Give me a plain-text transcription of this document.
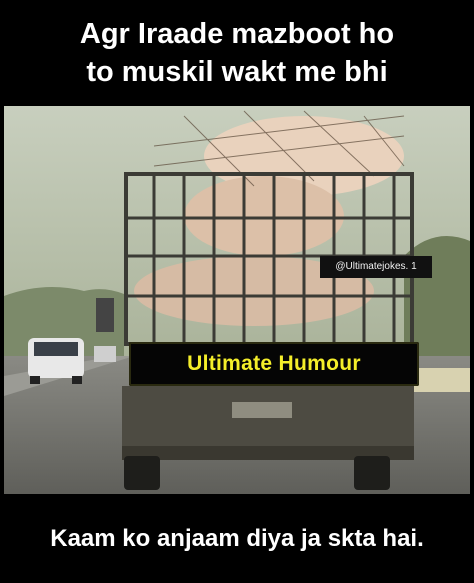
Agr Iraade mazboot ho
to muskil wakt me bhi
@Ultimatejokes. 1
Ultimate Humour
Kaam ko anjaam diya ja skta hai.
